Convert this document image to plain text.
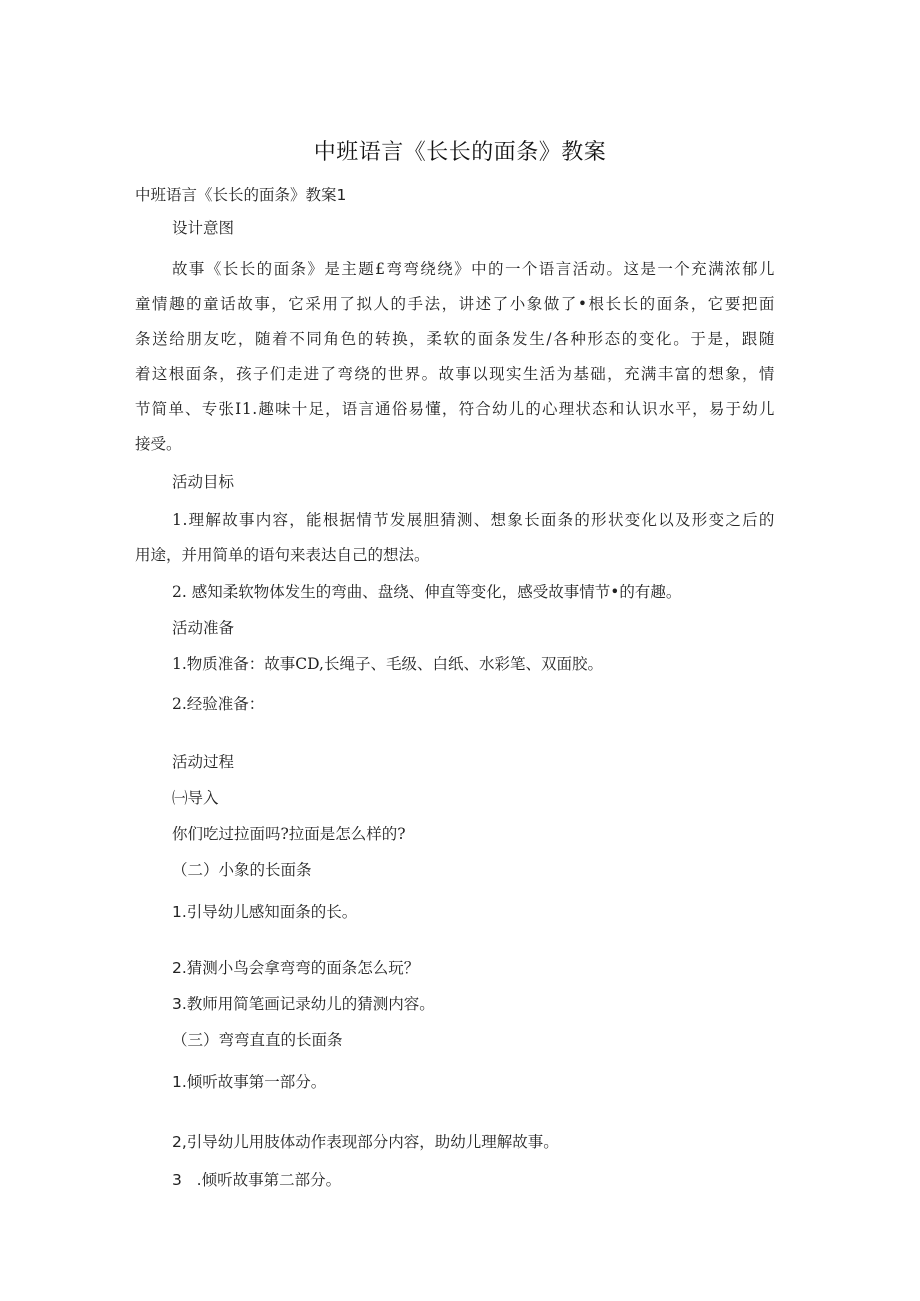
中班语言《长长的面条》教案
中班语言《长长的面条》教案1
设计意图
故事《长长的面条》是主题£弯弯绕绕》中的一个语言活动。这是一个充满浓郁儿
童情趣的童话故事，它采用了拟人的手法，讲述了小象做了•根长长的面条，它要把面
条送给朋友吃，随着不同角色的转换，柔软的面条发生/各种形态的变化。于是，跟随
着这根面条，孩子们走进了弯绕的世界。故事以现实生活为基础，充满丰富的想象，情
节简单、专张I1.趣味十足，语言通俗易懂，符合幼儿的心理状态和认识水平，易于幼儿
接受。
活动目标
1.理解故事内容，能根据情节发展胆猜测、想象长面条的形状变化以及形变之后的
用途，并用简单的语句来表达自己的想法。
2. 感知柔软物体发生的弯曲、盘绕、伸直等变化，感受故事情节•的有趣。
活动准备
1.物质准备：故事CD,长绳子、毛级、白纸、水彩笔、双面胶。
2.经验准备：
活动过程
㈠导入
你们吃过拉面吗?拉面是怎么样的?
（二）小象的长面条
1.引导幼儿感知面条的长。
2.猜测小鸟会拿弯弯的面条怎么玩？
3.教师用简笔画记录幼儿的猜测内容。
（三）弯弯直直的长面条
1.倾听故事第一部分。
2,引导幼儿用肢体动作表现部分内容，助幼儿理解故事。
3   .倾听故事第二部分。
